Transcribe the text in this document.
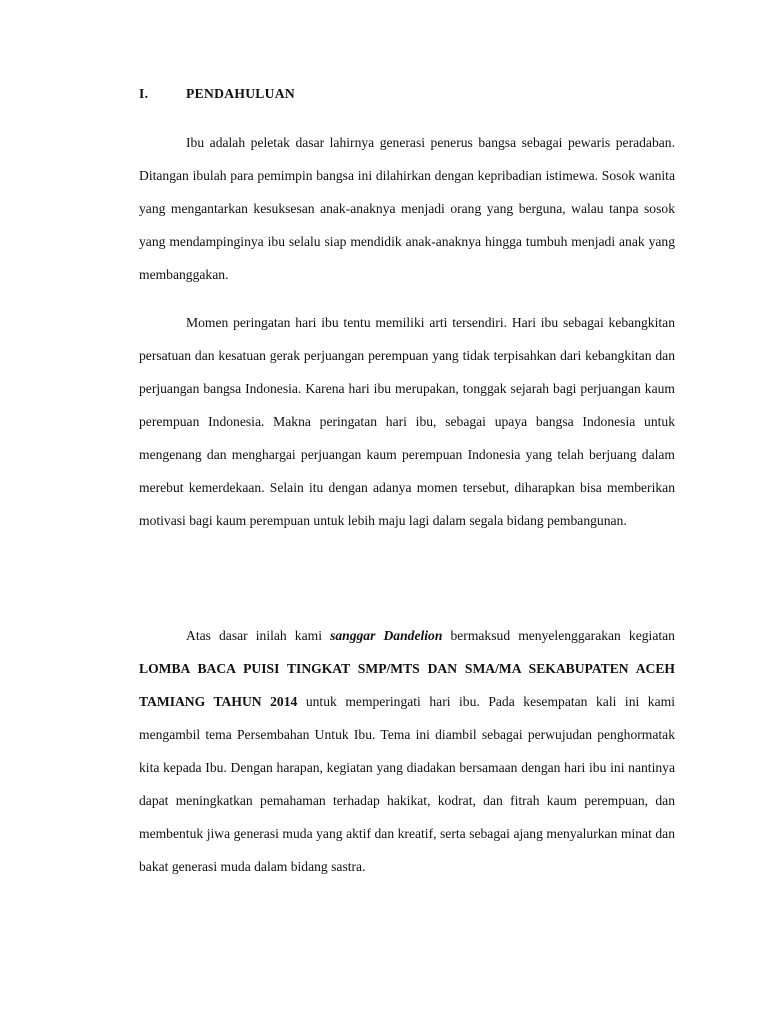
I.	PENDAHULUAN

Ibu adalah peletak dasar lahirnya generasi penerus bangsa sebagai pewaris peradaban. Ditangan ibulah para pemimpin bangsa ini dilahirkan dengan kepribadian istimewa. Sosok wanita yang mengantarkan kesuksesan anak-anaknya menjadi orang yang berguna, walau tanpa sosok yang mendampinginya ibu selalu siap mendidik anak-anaknya hingga tumbuh menjadi anak yang membanggakan.

Momen peringatan hari ibu tentu memiliki arti tersendiri. Hari ibu sebagai kebangkitan persatuan dan kesatuan gerak perjuangan perempuan yang tidak terpisahkan dari kebangkitan dan perjuangan bangsa Indonesia. Karena hari ibu merupakan, tonggak sejarah bagi perjuangan kaum perempuan Indonesia. Makna peringatan hari ibu, sebagai upaya bangsa Indonesia untuk mengenang dan menghargai perjuangan kaum perempuan Indonesia yang telah berjuang dalam merebut kemerdekaan. Selain itu dengan adanya momen tersebut, diharapkan bisa memberikan motivasi bagi kaum perempuan untuk lebih maju lagi dalam segala bidang pembangunan.

Atas dasar inilah kami sanggar Dandelion bermaksud menyelenggarakan kegiatan LOMBA BACA PUISI TINGKAT SMP/MTS DAN SMA/MA SEKABUPATEN ACEH TAMIANG TAHUN 2014 untuk memperingati hari ibu. Pada kesempatan kali ini kami mengambil tema Persembahan Untuk Ibu. Tema ini diambil sebagai perwujudan penghormatak kita kepada Ibu. Dengan harapan, kegiatan yang diadakan bersamaan dengan hari ibu ini nantinya dapat meningkatkan pemahaman terhadap hakikat, kodrat, dan fitrah kaum perempuan, dan membentuk jiwa generasi muda yang aktif dan kreatif, serta sebagai ajang menyalurkan minat dan bakat generasi muda dalam bidang sastra.
